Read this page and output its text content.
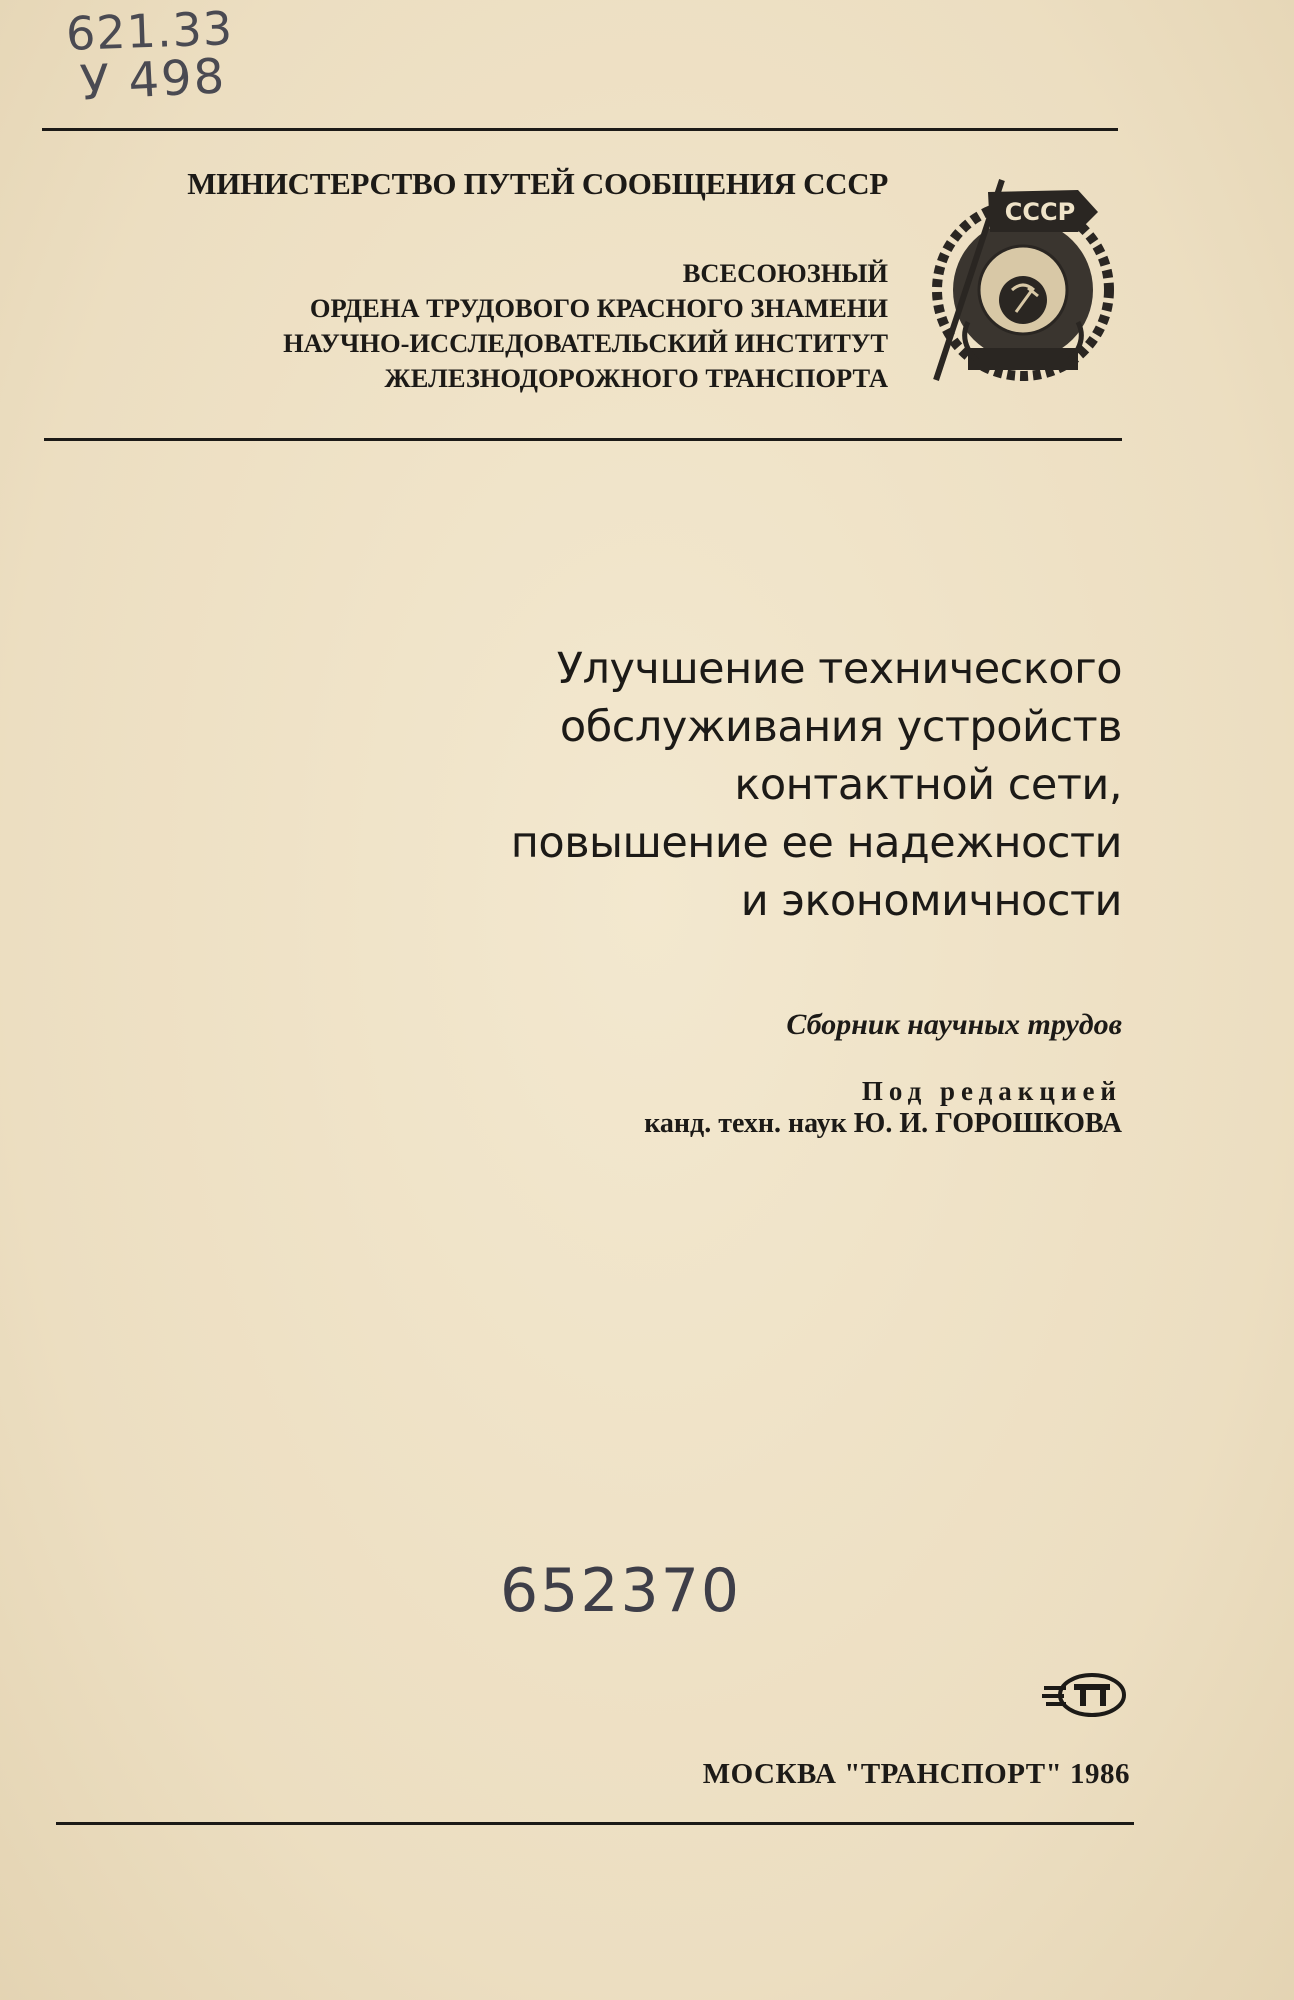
621.33
У 498
МИНИСТЕРСТВО ПУТЕЙ СООБЩЕНИЯ СССР
ВСЕСОЮЗНЫЙ
ОРДЕНА ТРУДОВОГО КРАСНОГО ЗНАМЕНИ
НАУЧНО-ИССЛЕДОВАТЕЛЬСКИЙ ИНСТИТУТ
ЖЕЛЕЗНОДОРОЖНОГО ТРАНСПОРТА
СССР
Улучшение технического
обслуживания устройств
контактной сети,
повышение ее надежности
и экономичности
Сборник научных трудов
Под редакцией
канд. техн. наук Ю. И. ГОРОШКОВА
652370
МОСКВА "ТРАНСПОРТ" 1986
